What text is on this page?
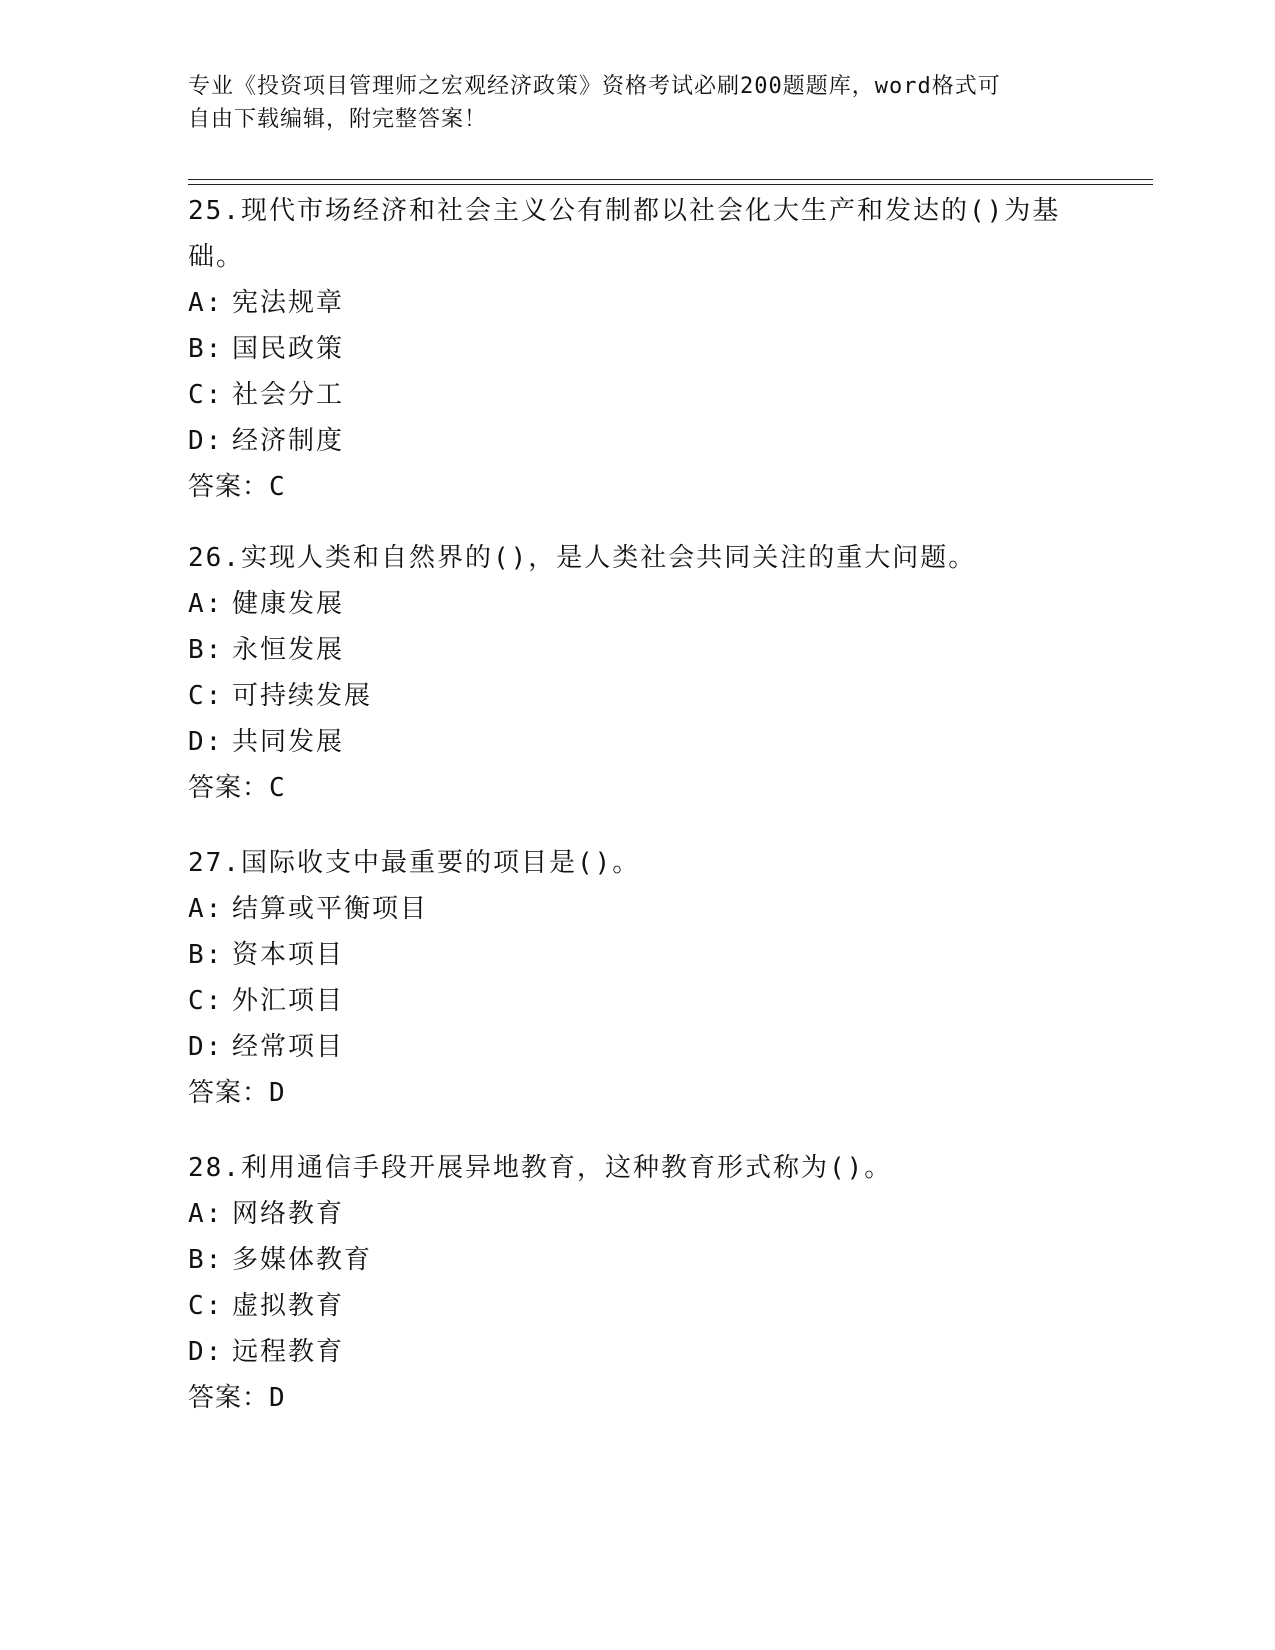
专业《投资项目管理师之宏观经济政策》资格考试必刷200题题库，word格式可
自由下载编辑，附完整答案！
25.现代市场经济和社会主义公有制都以社会化大生产和发达的()为基
础。
A: 宪法规章
B: 国民政策
C: 社会分工
D: 经济制度
答案：C
26.实现人类和自然界的()，是人类社会共同关注的重大问题。
A: 健康发展
B: 永恒发展
C: 可持续发展
D: 共同发展
答案：C
27.国际收支中最重要的项目是()。
A: 结算或平衡项目
B: 资本项目
C: 外汇项目
D: 经常项目
答案：D
28.利用通信手段开展异地教育，这种教育形式称为()。
A: 网络教育
B: 多媒体教育
C: 虚拟教育
D: 远程教育
答案：D
